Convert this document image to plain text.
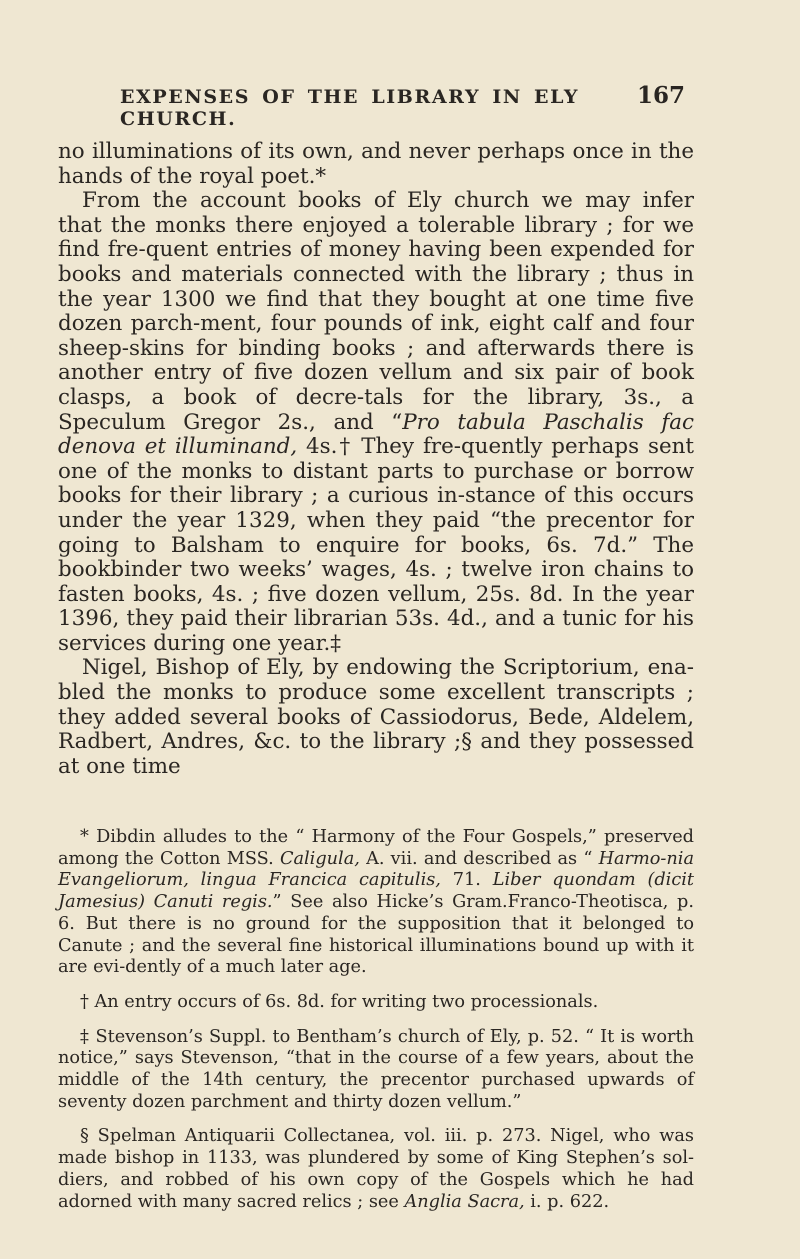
EXPENSES OF THE LIBRARY IN ELY CHURCH.
167

no illuminations of its own, and never perhaps once in the hands of the royal poet.*

From the account books of Ely church we may infer that the monks there enjoyed a tolerable library ; for we find fre-quent entries of money having been expended for books and materials connected with the library ; thus in the year 1300 we find that they bought at one time five dozen parch-ment, four pounds of ink, eight calf and four sheep-skins for binding books ; and afterwards there is another entry of five dozen vellum and six pair of book clasps, a book of decre-tals for the library, 3s., a Speculum Gregor 2s., and “Pro tabula Paschalis fac denova et illuminand, 4s.† They fre-quently perhaps sent one of the monks to distant parts to purchase or borrow books for their library ; a curious in-stance of this occurs under the year 1329, when they paid “the precentor for going to Balsham to enquire for books, 6s. 7d.” The bookbinder two weeks’ wages, 4s. ; twelve iron chains to fasten books, 4s. ; five dozen vellum, 25s. 8d. In the year 1396, they paid their librarian 53s. 4d., and a tunic for his services during one year.‡

Nigel, Bishop of Ely, by endowing the Scriptorium, ena-bled the monks to produce some excellent transcripts ; they added several books of Cassiodorus, Bede, Aldelem, Radbert, Andres, &c. to the library ;§ and they possessed at one time

* Dibdin alludes to the “ Harmony of the Four Gospels,” preserved among the Cotton MSS. Caligula, A. vii. and described as “ Harmo-nia Evangeliorum, lingua Francica capitulis, 71. Liber quondam (dicit Jamesius) Canuti regis.” See also Hicke’s Gram.Franco-Theotisca, p. 6. But there is no ground for the supposition that it belonged to Canute ; and the several fine historical illuminations bound up with it are evi-dently of a much later age.

† An entry occurs of 6s. 8d. for writing two processionals.

‡ Stevenson’s Suppl. to Bentham’s church of Ely, p. 52. “ It is worth notice,” says Stevenson, “that in the course of a few years, about the middle of the 14th century, the precentor purchased upwards of seventy dozen parchment and thirty dozen vellum.”

§ Spelman Antiquarii Collectanea, vol. iii. p. 273. Nigel, who was made bishop in 1133, was plundered by some of King Stephen’s sol-diers, and robbed of his own copy of the Gospels which he had adorned with many sacred relics ; see Anglia Sacra, i. p. 622.
